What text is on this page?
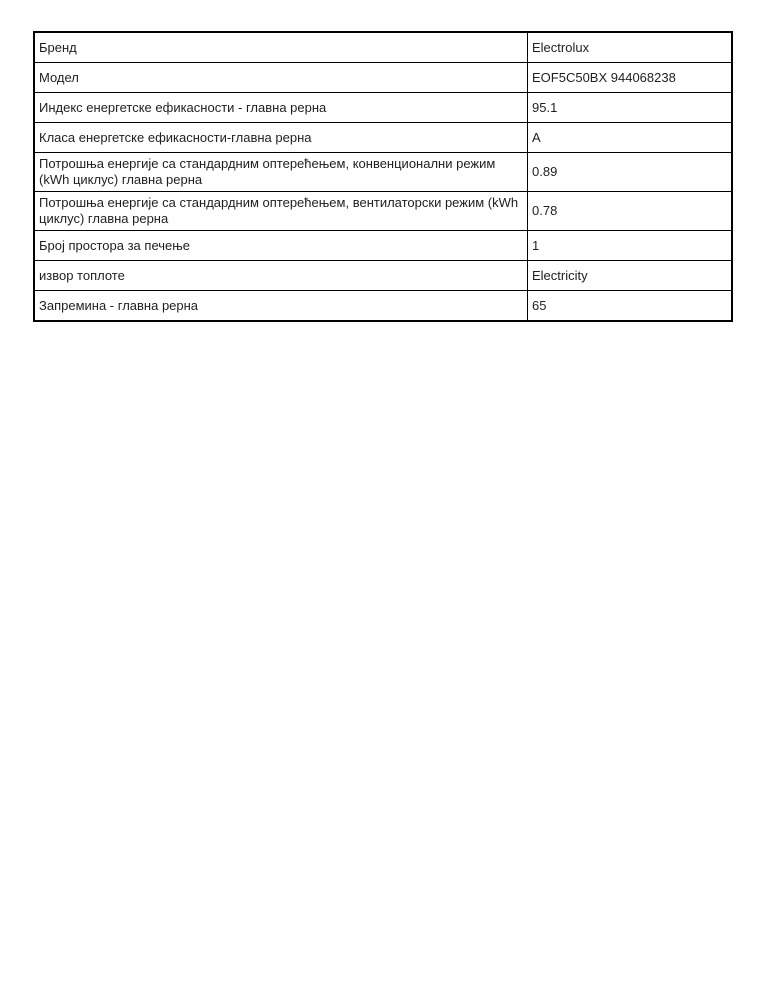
Бренд	Electrolux
Модел	EOF5C50BX 944068238
Индекс енергетске ефикасности - главна рерна	95.1
Класа енергетске ефикасности-главна рерна	A
Потрошња енергије са стандардним оптерећењем, конвенционални режим (kWh циклус) главна рерна	0.89
Потрошња енергије са стандардним оптерећењем, вентилаторски режим (kWh циклус) главна рерна	0.78
Број простора за печење	1
извор топлоте	Electricity
Запремина - главна рерна	65
